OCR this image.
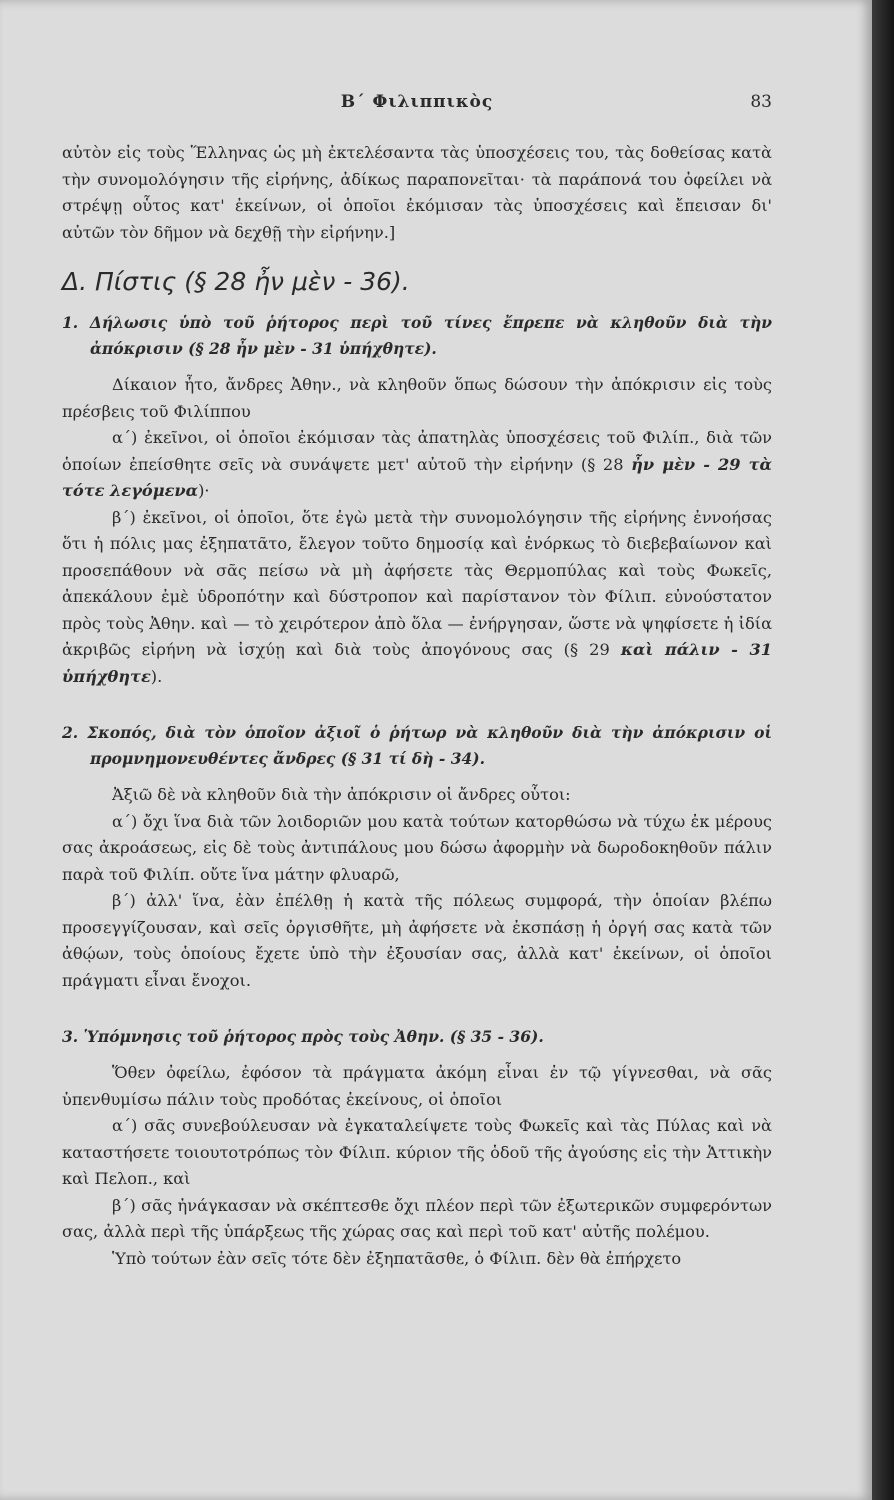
Β΄ Φιλιππικὸς	83

αὐτὸν εἰς τοὺς Ἕλληνας ὡς μὴ ἐκτελέσαντα τὰς ὑποσχέσεις του, τὰς δοθείσας κατὰ τὴν συνομολόγησιν τῆς εἰρήνης, ἀδίκως παραπονεῖται· τὰ παράπονά του ὀφείλει νὰ στρέψῃ οὗτος κατ' ἐκείνων, οἱ ὁποῖοι ἐκόμισαν τὰς ὑποσχέσεις καὶ ἔπεισαν δι' αὐτῶν τὸν δῆμον νὰ δεχθῇ τὴν εἰρήνην.]

Δ. Πίστις (§ 28 ἦν μὲν - 36).

1. Δήλωσις ὑπὸ τοῦ ῥήτορος περὶ τοῦ τίνες ἔπρεπε νὰ κληθοῦν διὰ τὴν ἀπόκρισιν (§ 28 ἦν μὲν - 31 ὑπήχθητε).

Δίκαιον ἦτο, ἄνδρες Ἀθην., νὰ κληθοῦν ὅπως δώσουν τὴν ἀπόκρισιν εἰς τοὺς πρέσβεις τοῦ Φιλίππου

α΄) ἐκεῖνοι, οἱ ὁποῖοι ἐκόμισαν τὰς ἀπατηλὰς ὑποσχέσεις τοῦ Φιλίπ., διὰ τῶν ὁποίων ἐπείσθητε σεῖς νὰ συνάψετε μετ' αὐτοῦ τὴν εἰρήνην (§ 28 ἦν μὲν - 29 τὰ τότε λεγόμενα)·

β΄) ἐκεῖνοι, οἱ ὁποῖοι, ὅτε ἐγὼ μετὰ τὴν συνομολόγησιν τῆς εἰρήνης ἐννοήσας ὅτι ἡ πόλις μας ἐξηπατᾶτο, ἔλεγον τοῦτο δημοσίᾳ καὶ ἐνόρκως τὸ διεβεβαίωνον καὶ προσεπάθουν νὰ σᾶς πείσω νὰ μὴ ἀφήσετε τὰς Θερμοπύλας καὶ τοὺς Φωκεῖς, ἀπεκάλουν ἐμὲ ὑδροπότην καὶ δύστροπον καὶ παρίστανον τὸν Φίλιπ. εὐνούστατον πρὸς τοὺς Ἀθην. καὶ — τὸ χειρότερον ἀπὸ ὅλα — ἐνήργησαν, ὥστε νὰ ψηφίσετε ἡ ἰδία ἀκριβῶς εἰρήνη νὰ ἰσχύῃ καὶ διὰ τοὺς ἀπογόνους σας (§ 29 καὶ πάλιν - 31 ὑπήχθητε).

2. Σκοπός, διὰ τὸν ὁποῖον ἀξιοῖ ὁ ῥήτωρ νὰ κληθοῦν διὰ τὴν ἀπόκρισιν οἱ προμνημονευθέντες ἄνδρες (§ 31 τί δὴ - 34).

Ἀξιῶ δὲ νὰ κληθοῦν διὰ τὴν ἀπόκρισιν οἱ ἄνδρες οὗτοι:

α΄) ὄχι ἵνα διὰ τῶν λοιδοριῶν μου κατὰ τούτων κατορθώσω νὰ τύχω ἐκ μέρους σας ἀκροάσεως, εἰς δὲ τοὺς ἀντιπάλους μου δώσω ἀφορμὴν νὰ δωροδοκηθοῦν πάλιν παρὰ τοῦ Φιλίπ. οὔτε ἵνα μάτην φλυαρῶ,

β΄) ἀλλ' ἵνα, ἐὰν ἐπέλθῃ ἡ κατὰ τῆς πόλεως συμφορά, τὴν ὁποίαν βλέπω προσεγγίζουσαν, καὶ σεῖς ὀργισθῆτε, μὴ ἀφήσετε νὰ ἐκσπάσῃ ἡ ὀργή σας κατὰ τῶν ἀθῴων, τοὺς ὁποίους ἔχετε ὑπὸ τὴν ἐξουσίαν σας, ἀλλὰ κατ' ἐκείνων, οἱ ὁποῖοι πράγματι εἶναι ἔνοχοι.

3. Ὑπόμνησις τοῦ ῥήτορος πρὸς τοὺς Ἀθην. (§ 35 - 36).

Ὅθεν ὀφείλω, ἐφόσον τὰ πράγματα ἀκόμη εἶναι ἐν τῷ γίγνεσθαι, νὰ σᾶς ὑπενθυμίσω πάλιν τοὺς προδότας ἐκείνους, οἱ ὁποῖοι

α΄) σᾶς συνεβούλευσαν νὰ ἐγκαταλείψετε τοὺς Φωκεῖς καὶ τὰς Πύλας καὶ νὰ καταστήσετε τοιουτοτρόπως τὸν Φίλιπ. κύριον τῆς ὁδοῦ τῆς ἀγούσης εἰς τὴν Ἀττικὴν καὶ Πελοπ., καὶ

β΄) σᾶς ἠνάγκασαν νὰ σκέπτεσθε ὄχι πλέον περὶ τῶν ἐξωτερικῶν συμφερόντων σας, ἀλλὰ περὶ τῆς ὑπάρξεως τῆς χώρας σας καὶ περὶ τοῦ κατ' αὐτῆς πολέμου.

Ὑπὸ τούτων ἐὰν σεῖς τότε δὲν ἐξηπατᾶσθε, ὁ Φίλιπ. δὲν θὰ ἐπήρχετο
